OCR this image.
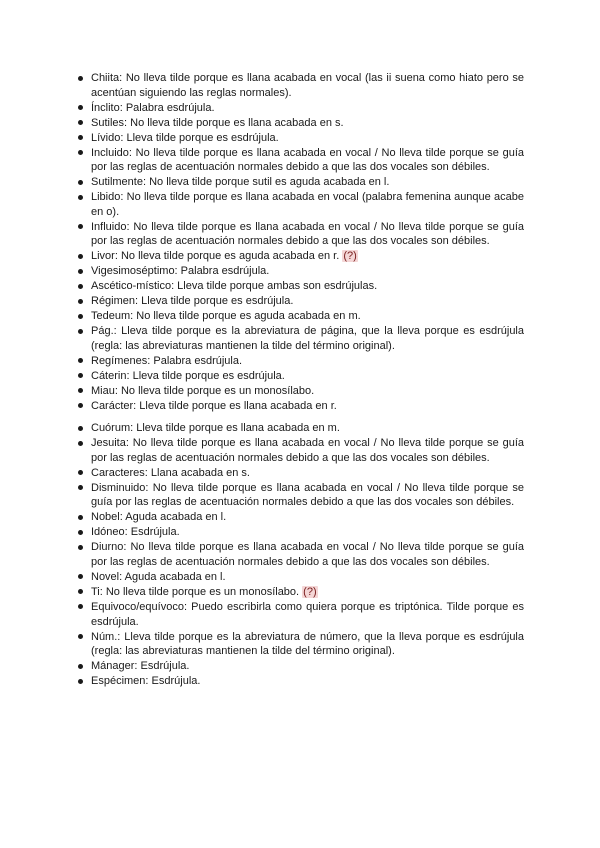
Chiita: No lleva tilde porque es llana acabada en vocal (las ii suena como hiato pero se acentúan siguiendo las reglas normales).
Ínclito: Palabra esdrújula.
Sutiles: No lleva tilde porque es llana acabada en s.
Lívido: Lleva tilde porque es esdrújula.
Incluido: No lleva tilde porque es llana acabada en vocal / No lleva tilde porque se guía por las reglas de acentuación normales debido a que las dos vocales son débiles.
Sutilmente: No lleva tilde porque sutil es aguda acabada en l.
Libido: No lleva tilde porque es llana acabada en vocal (palabra femenina aunque acabe en o).
Influido: No lleva tilde porque es llana acabada en vocal / No lleva tilde porque se guía por las reglas de acentuación normales debido a que las dos vocales son débiles.
Livor: No lleva tilde porque es aguda acabada en r. (?)
Vigesimoséptimo: Palabra esdrújula.
Ascético-místico: Lleva tilde porque ambas son esdrújulas.
Régimen: Lleva tilde porque es esdrújula.
Tedeum: No lleva tilde porque es aguda acabada en m.
Pág.: Lleva tilde porque es la abreviatura de página, que la lleva porque es esdrújula (regla: las abreviaturas mantienen la tilde del término original).
Regímenes: Palabra esdrújula.
Cáterin: Lleva tilde porque es esdrújula.
Miau: No lleva tilde porque es un monosílabo.
Carácter: Lleva tilde porque es llana acabada en r.
Cuórum: Lleva tilde porque es llana acabada en m.
Jesuita: No lleva tilde porque es llana acabada en vocal / No lleva tilde porque se guía por las reglas de acentuación normales debido a que las dos vocales son débiles.
Caracteres: Llana acabada en s.
Disminuido: No lleva tilde porque es llana acabada en vocal / No lleva tilde porque se guía por las reglas de acentuación normales debido a que las dos vocales son débiles.
Nobel: Aguda acabada en l.
Idóneo: Esdrújula.
Diurno: No lleva tilde porque es llana acabada en vocal / No lleva tilde porque se guía por las reglas de acentuación normales debido a que las dos vocales son débiles.
Novel: Aguda acabada en l.
Ti: No lleva tilde porque es un monosílabo. (?)
Equivoco/equívoco: Puedo escribirla como quiera porque es triptónica. Tilde porque es esdrújula.
Núm.: Lleva tilde porque es la abreviatura de número, que la lleva porque es esdrújula (regla: las abreviaturas mantienen la tilde del término original).
Mánager: Esdrújula.
Espécimen: Esdrújula.
